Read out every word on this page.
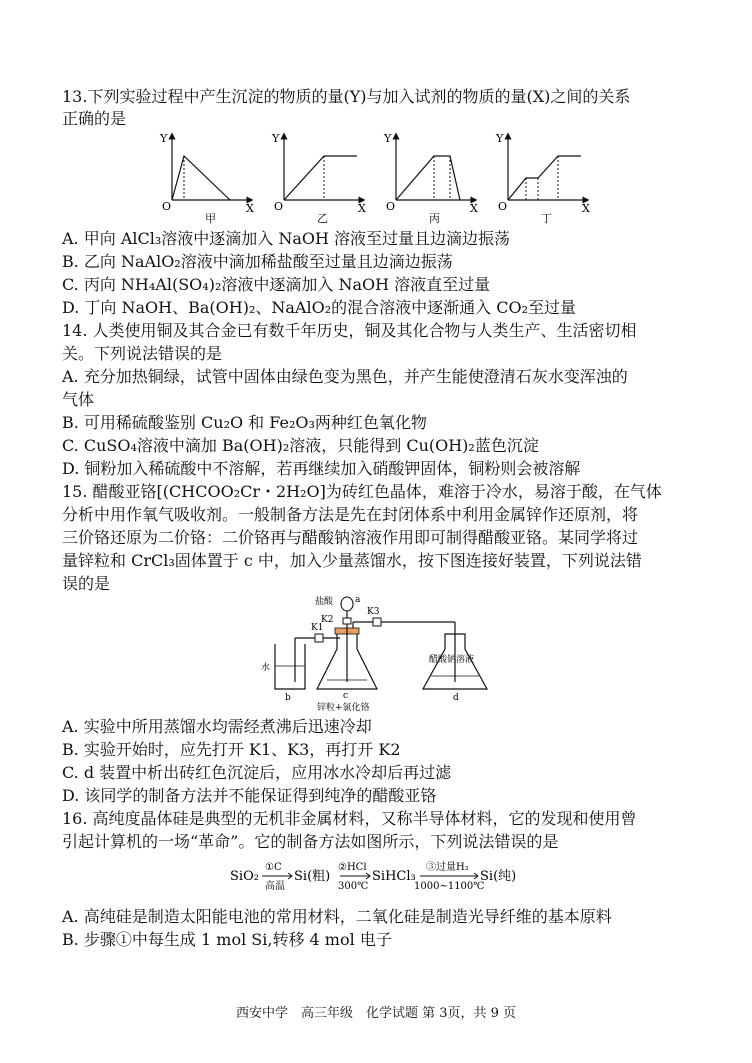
13.下列实验过程中产生沉淀的物质的量(Y)与加入试剂的物质的量(X)之间的关系
正确的是
Y
O	X
甲
Y
O	X
乙
Y
O	X
丙
Y
O	X
丁
A. 甲向 AlCl₃溶液中逐滴加入 NaOH 溶液至过量且边滴边振荡
B. 乙向 NaAlO₂溶液中滴加稀盐酸至过量且边滴边振荡
C. 丙向 NH₄Al(SO₄)₂溶液中逐滴加入 NaOH 溶液直至过量
D. 丁向 NaOH、Ba(OH)₂、NaAlO₂的混合溶液中逐渐通入 CO₂至过量
14. 人类使用铜及其合金已有数千年历史，铜及其化合物与人类生产、生活密切相
关。下列说法错误的是
A. 充分加热铜绿，试管中固体由绿色变为黑色，并产生能使澄清石灰水变浑浊的
气体
B. 可用稀硫酸鉴别 Cu₂O 和 Fe₂O₃两种红色氧化物
C. CuSO₄溶液中滴加 Ba(OH)₂溶液，只能得到 Cu(OH)₂蓝色沉淀
D. 铜粉加入稀硫酸中不溶解，若再继续加入硝酸钾固体，铜粉则会被溶解
15. 醋酸亚铬[(CHCOO₂Cr・2H₂O]为砖红色晶体，难溶于冷水，易溶于酸，在气体
分析中用作氧气吸收剂。一般制备方法是先在封闭体系中利用金属锌作还原剂，将
三价铬还原为二价铬：二价铬再与醋酸钠溶液作用即可制得醋酸亚铬。某同学将过
量锌粒和 CrCl₃固体置于 c 中，加入少量蒸馏水，按下图连接好装置，下列说法错
误的是
水
b
K1
c
锌粒+氯化铬
盐酸 a
K2
K3
d
醋酸钠溶液
A. 实验中所用蒸馏水均需经煮沸后迅速冷却
B. 实验开始时，应先打开 K1、K3，再打开 K2
C. d 装置中析出砖红色沉淀后，应用冰水冷却后再过滤
D. 该同学的制备方法并不能保证得到纯净的醋酸亚铬
16. 高纯度晶体硅是典型的无机非金属材料，又称半导体材料，它的发现和使用曾
引起计算机的一场“革命”。它的制备方法如图所示，下列说法错误的是
SiO₂
①C
高温
Si(粗)
②HCl
300℃
SiHCl₃
③过量H₂
1000~1100℃
Si(纯)
A. 高纯硅是制造太阳能电池的常用材料，二氧化硅是制造光导纤维的基本原料
B. 步骤①中每生成 1 mol Si,转移 4 mol 电子
西安中学　高三年级　化学试题 第 3页，共 9 页
